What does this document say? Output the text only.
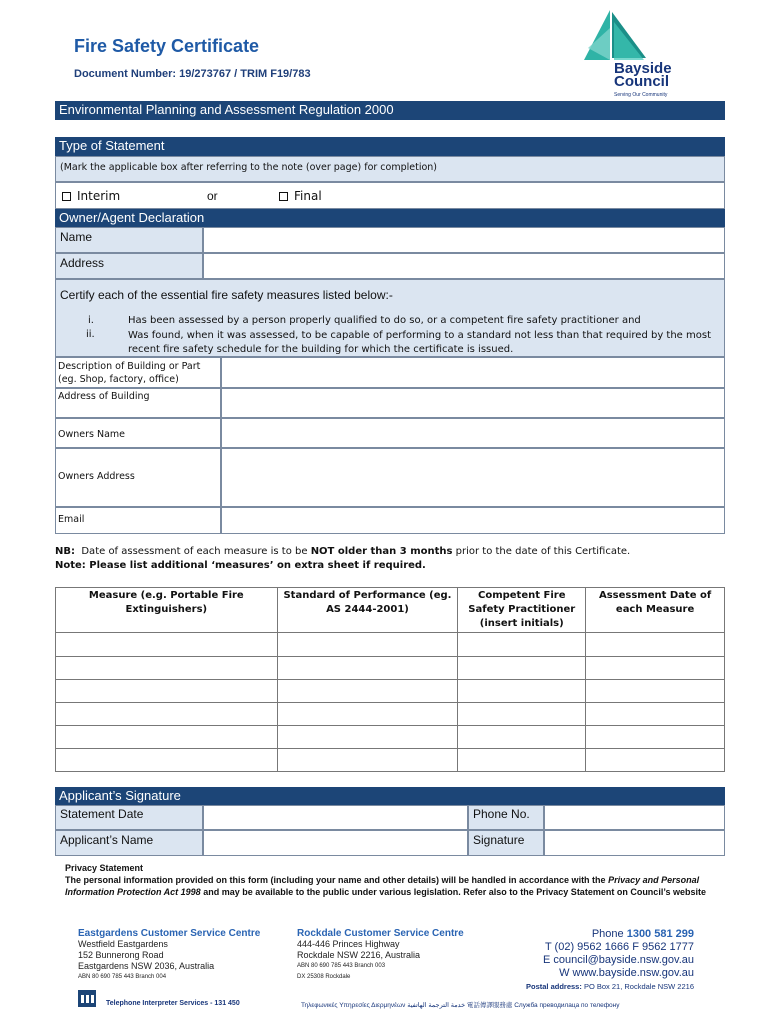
Fire Safety Certificate
Document Number: 19/273767 / TRIM F19/783	Bayside
Council
Serving Our Community
Environmental Planning and Assessment Regulation 2000
Type of Statement
(Mark the applicable box after referring to the note (over page) for completion)
Interim	or	Final
Owner/Agent Declaration
Name
Address
Certify each of the essential fire safety measures listed below:-
i.	Has been assessed by a person properly qualified to do so, or a competent fire safety practitioner and
ii.	Was found, when it was assessed, to be capable of performing to a standard not less than that required by the most recent fire safety schedule for the building for which the certificate is issued.
Description of Building or Part (eg. Shop, factory, office)
Address of Building
Owners Name
Owners Address
Email
NB: Date of assessment of each measure is to be NOT older than 3 months prior to the date of this Certificate.
Note: Please list additional ‘measures’ on extra sheet if required.
Measure (e.g. Portable Fire Extinguishers)	Standard of Performance (eg. AS 2444-2001)	Competent Fire Safety Practitioner (insert initials)	Assessment Date of each Measure

Applicant’s Signature
Statement Date	Phone No.
Applicant’s Name	Signature
Privacy Statement
The personal information provided on this form (including your name and other details) will be handled in accordance with the Privacy and Personal Information Protection Act 1998 and may be available to the public under various legislation. Refer also to the Privacy Statement on Council’s website
Eastgardens Customer Service Centre
Westfield Eastgardens
152 Bunnerong Road
Eastgardens NSW 2036, Australia
ABN 80 690 785 443 Branch 004
Rockdale Customer Service Centre
444-446 Princes Highway
Rockdale NSW 2216, Australia
ABN 80 690 785 443 Branch 003
DX 25308 Rockdale
Phone 1300 581 299
T (02) 9562 1666 F 9562 1777
E council@bayside.nsw.gov.au
W www.bayside.nsw.gov.au
Postal address: PO Box 21, Rockdale NSW 2216
Telephone Interpreter Services - 131 450	Τηλεφωνικές Υπηρεσίες Διερμηνέων خدمة الترجمة الهاتفية 電話傳譯服務處 Служба преводилаца по телефону
